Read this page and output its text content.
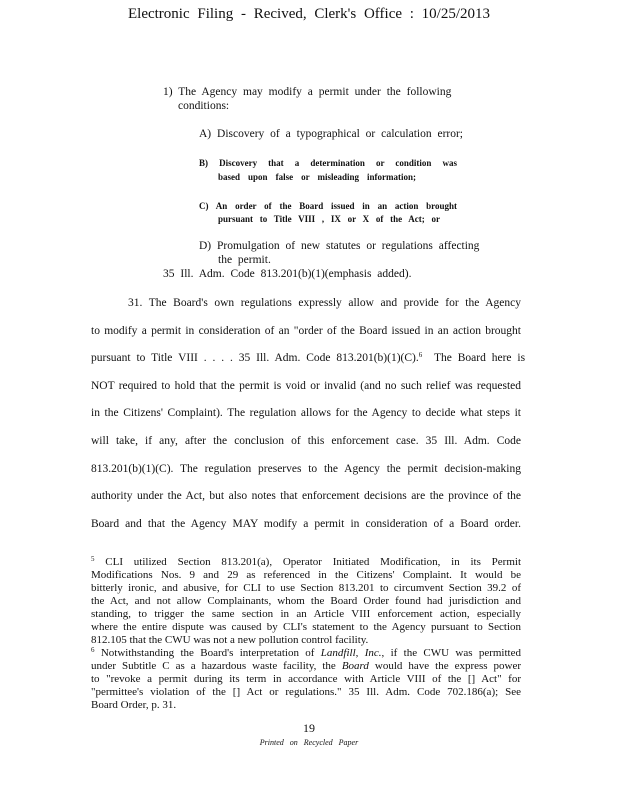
Electronic Filing - Recived, Clerk's Office : 10/25/2013
1) The Agency may modify a permit under the following
conditions:
A) Discovery of a typographical or calculation error;
B) Discovery that a determination or condition was
based upon false or misleading information;
C) An order of the Board issued in an action brought
pursuant to Title VIII , IX or X of the Act; or
D) Promulgation of new statutes or regulations affecting
the permit.
35 Ill. Adm. Code 813.201(b)(1)(emphasis added).
31. The Board's own regulations expressly allow and provide for the Agency
to modify a permit in consideration of an "order of the Board issued in an action brought
pursuant to Title VIII . . . . 35 Ill. Adm. Code 813.201(b)(1)(C). $^6$ The Board here is
NOT required to hold that the permit is void or invalid (and no such relief was requested
in the Citizens' Complaint). The regulation allows for the Agency to decide what steps it
will take, if any, after the conclusion of this enforcement case. 35 Ill. Adm. Code
813.201(b)(1)(C). The regulation preserves to the Agency the permit decision-making
authority under the Act, but also notes that enforcement decisions are the province of the
Board and that the Agency MAY modify a permit in consideration of a Board order.
$^5$ CLI utilized Section 813.201(a), Operator Initiated Modification, in its Permit
Modifications Nos. 9 and 29 as referenced in the Citizens' Complaint. It would be
bitterly ironic, and abusive, for CLI to use Section 813.201 to circumvent Section 39.2 of
the Act, and not allow Complainants, whom the Board Order found had jurisdiction and
standing, to trigger the same section in an Article VIII enforcement action, especially
where the entire dispute was caused by CLI's statement to the Agency pursuant to Section
812.105 that the CWU was not a new pollution control facility.
$^6$ Notwithstanding the Board's interpretation of Landfill, Inc., if the CWU was permitted
under Subtitle C as a hazardous waste facility, the Board would have the express power
to "revoke a permit during its term in accordance with Article VIII of the [] Act" for
"permittee's violation of the [] Act or regulations." 35 Ill. Adm. Code 702.186(a); See
Board Order, p. 31.
19
Printed on Recycled Paper
